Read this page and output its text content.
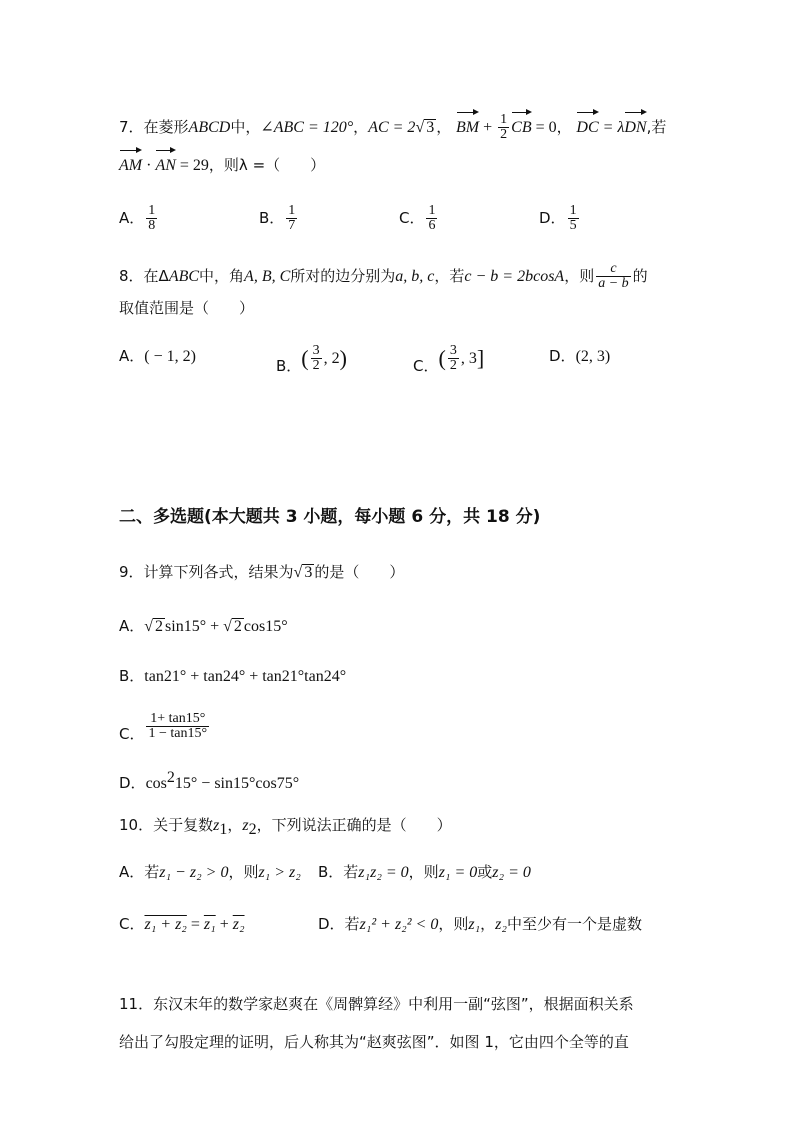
7．在菱形ABCD中，∠ABC = 120°，AC = 2√ 3 ， BM + $\frac{1}{2}$ CB = 0， DC = λDN,若
AM · AN = 29，则λ =（　　）
A． $\frac{1}{8}$	B． $\frac{1}{7}$	C． $\frac{1}{6}$	D． $\frac{1}{5}$
8．在ΔABC中，角A, B, C所对的边分别为a, b, c，若c − b = 2bcosA，则 $\frac{c}{a - b}$ 的
取值范围是（　　）
A．( − 1, 2)
B．( $\frac{3}{2}$ , 2)	C．( $\frac{3}{2}$ , 3]	D．(2, 3)
二、多选题(本大题共 3 小题，每小题 6 分，共 18 分)
9．计算下列各式，结果为√ 3 的是（　　）
A．√ 2 sin15° + √ 2 cos15°
B．tan21° + tan24° + tan21°tan24°
C． $\frac{1+ \tan 15^\circ}{1 - \tan 15^\circ}$
D．$\cos^215^\circ - \sin 15^\circ\cos 75^\circ$
10．关于复数$z_1$，$z_2$，下列说法正确的是（　　）
A．若z₁ − z₂ > 0，则z₁ > z₂ B．若z₁z₂ = 0，则z₁ = 0或z₂ = 0
C．z₁ + z₂ = z₁ + z₂	D．若z₁² + z₂² < 0，则z₁，z₂中至少有一个是虚数
11．东汉末年的数学家赵爽在《周髀算经》中利用一副“弦图”，根据面积关系
给出了勾股定理的证明，后人称其为“赵爽弦图”．如图 1，它由四个全等的直
